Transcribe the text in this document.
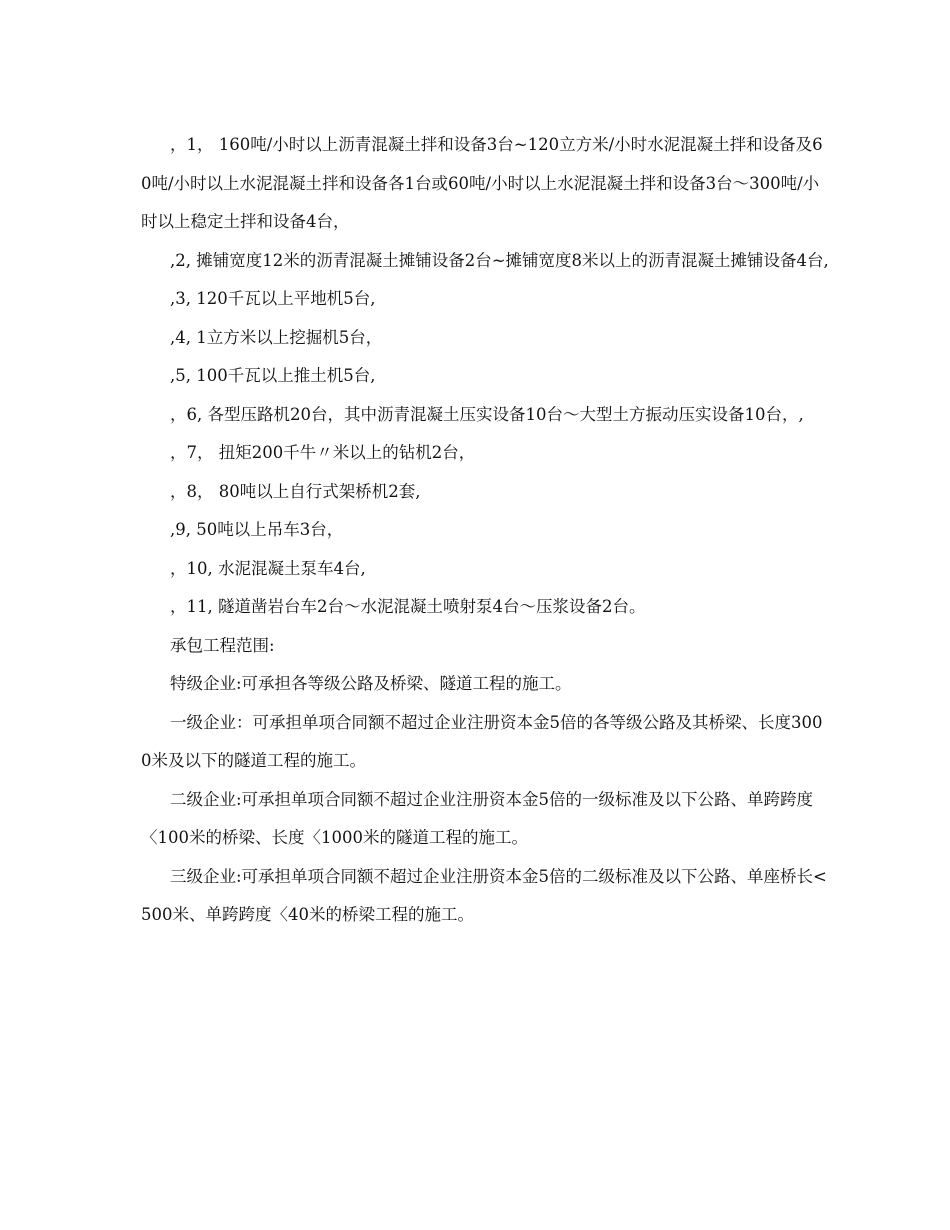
，1， 160吨/小时以上沥青混凝土拌和设备3台~120立方米/小时水泥混凝土拌和设备及60吨/小时以上水泥混凝土拌和设备各1台或60吨/小时以上水泥混凝土拌和设备3台～300吨/小时以上稳定土拌和设备4台，

,2, 摊铺宽度12米的沥青混凝土摊铺设备2台~摊铺宽度8米以上的沥青混凝土摊铺设备4台,

,3, 120千瓦以上平地机5台,

,4, 1立方米以上挖掘机5台，

,5, 100千瓦以上推土机5台,

，6, 各型压路机20台，其中沥青混凝土压实设备10台～大型土方振动压实设备10台，,

，7， 扭矩200千牛〃米以上的钻机2台，

，8， 80吨以上自行式架桥机2套,

,9, 50吨以上吊车3台，

，10, 水泥混凝土泵车4台,

，11, 隧道凿岩台车2台～水泥混凝土喷射泵4台～压浆设备2台。

承包工程范围:

特级企业:可承担各等级公路及桥梁、隧道工程的施工。

一级企业：可承担单项合同额不超过企业注册资本金5倍的各等级公路及其桥梁、长度3000米及以下的隧道工程的施工。

二级企业:可承担单项合同额不超过企业注册资本金5倍的一级标准及以下公路、单跨跨度〈100米的桥梁、长度〈1000米的隧道工程的施工。

三级企业:可承担单项合同额不超过企业注册资本金5倍的二级标准及以下公路、单座桥长<500米、单跨跨度〈40米的桥梁工程的施工。
